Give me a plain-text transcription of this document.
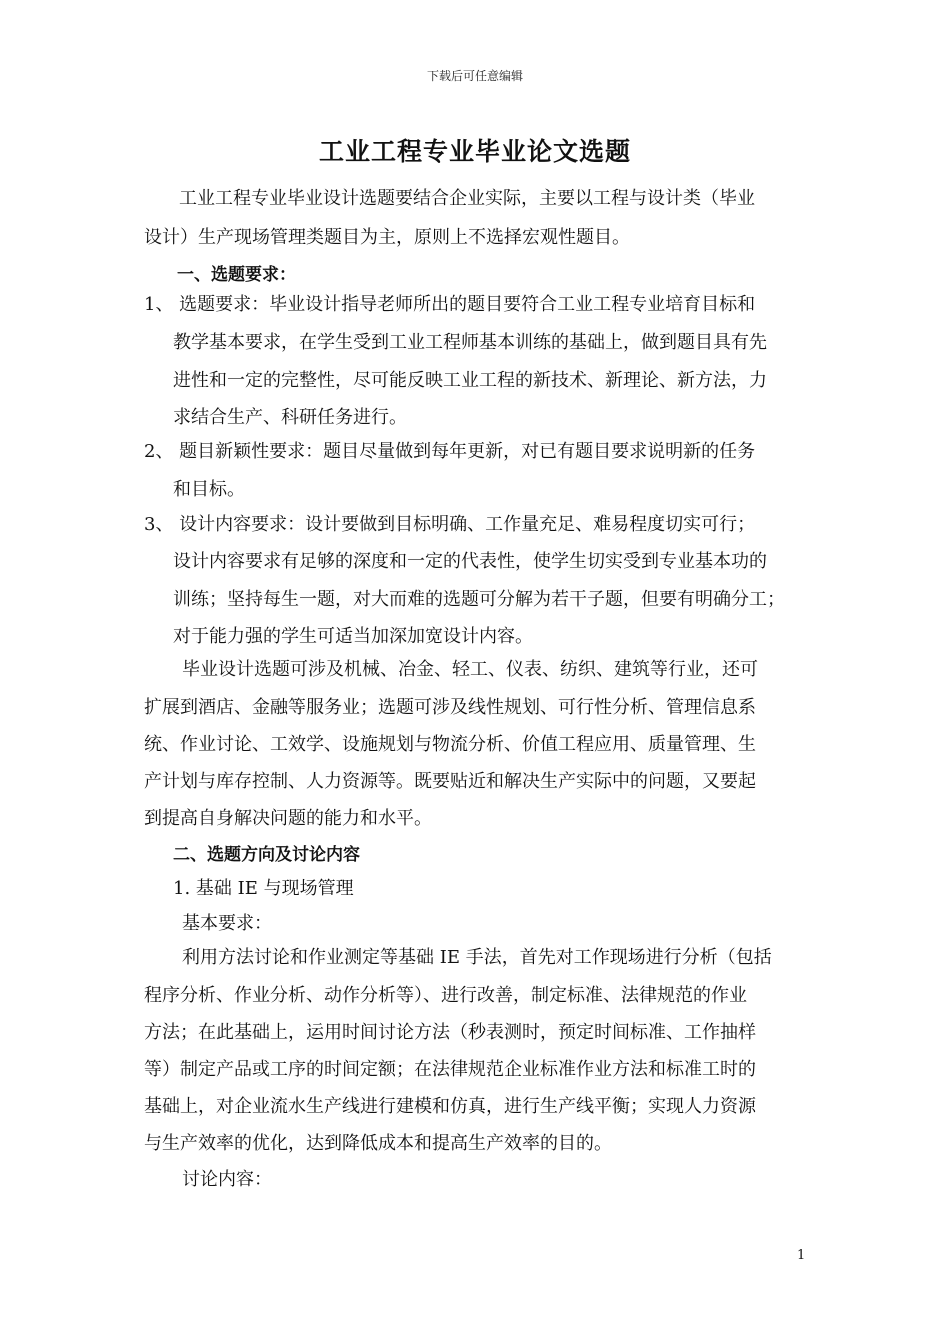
下载后可任意编辑
工业工程专业毕业论文选题
工业工程专业毕业设计选题要结合企业实际，主要以工程与设计类（毕业
设计）生产现场管理类题目为主，原则上不选择宏观性题目。
一、选题要求：
1、 选题要求：毕业设计指导老师所出的题目要符合工业工程专业培育目标和
教学基本要求，在学生受到工业工程师基本训练的基础上，做到题目具有先
进性和一定的完整性，尽可能反映工业工程的新技术、新理论、新方法，力
求结合生产、科研任务进行。
2、 题目新颖性要求：题目尽量做到每年更新，对已有题目要求说明新的任务
和目标。
3、 设计内容要求：设计要做到目标明确、工作量充足、难易程度切实可行；
设计内容要求有足够的深度和一定的代表性，使学生切实受到专业基本功的
训练；坚持每生一题，对大而难的选题可分解为若干子题，但要有明确分工；
对于能力强的学生可适当加深加宽设计内容。
毕业设计选题可涉及机械、冶金、轻工、仪表、纺织、建筑等行业，还可
扩展到酒店、金融等服务业；选题可涉及线性规划、可行性分析、管理信息系
统、作业讨论、工效学、设施规划与物流分析、价值工程应用、质量管理、生
产计划与库存控制、人力资源等。既要贴近和解决生产实际中的问题，又要起
到提高自身解决问题的能力和水平。
二、选题方向及讨论内容
1. 基础 IE 与现场管理
基本要求：
利用方法讨论和作业测定等基础 IE 手法，首先对工作现场进行分析（包括
程序分析、作业分析、动作分析等）、进行改善，制定标准、法律规范的作业
方法；在此基础上，运用时间讨论方法（秒表测时，预定时间标准、工作抽样
等）制定产品或工序的时间定额；在法律规范企业标准作业方法和标准工时的
基础上，对企业流水生产线进行建模和仿真，进行生产线平衡；实现人力资源
与生产效率的优化，达到降低成本和提高生产效率的目的。
讨论内容：
1
